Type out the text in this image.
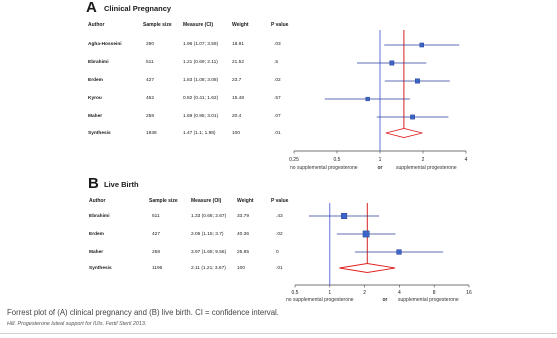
A Clinical Pregnancy
Author	Sample size Measure (CI)	Weight	P value
Agha-Hosseini	290	1.96 (1.07; 3.59)	18.91	.03
Ebrahimi	511	1.21 (0.69; 2.11)	21.52	.5
Erdem	427	1.83 (1.08; 3.08)	23.7	.02
Kyrou	452	0.82 (0.41; 1.62)	15.48	.57
Maher	258	1.69 (0.95; 3.01)	20.4	.07
Synthesis	1938	1.47 (1.1; 1.98)	100	.01
B Live Birth
Author	Sample size	Measure (OI)	Weight	P value
Ebrahimi	511	1.33 (0.66; 2.67) 33.79	.43
Erdem	427	2.06 (1.15; 3.7)	40.36	.02
Maher	258	3.97 (1.65; 9.56) 25.85	0
Synthesis	1196	2.11 (1.21; 3.67) 100	.01
0.25	0.5	1	2	4
no supplemental progesterone	or	supplemental progesterone
0.5	1	2	4	8	16
no supplemental progesterone	or supplemental progesterone
Forrest plot of (A) clinical pregnancy and (B) live birth. CI = confidence interval.
Hill. Progesterone luteal support for IUIs. Fertil Steril 2013.
